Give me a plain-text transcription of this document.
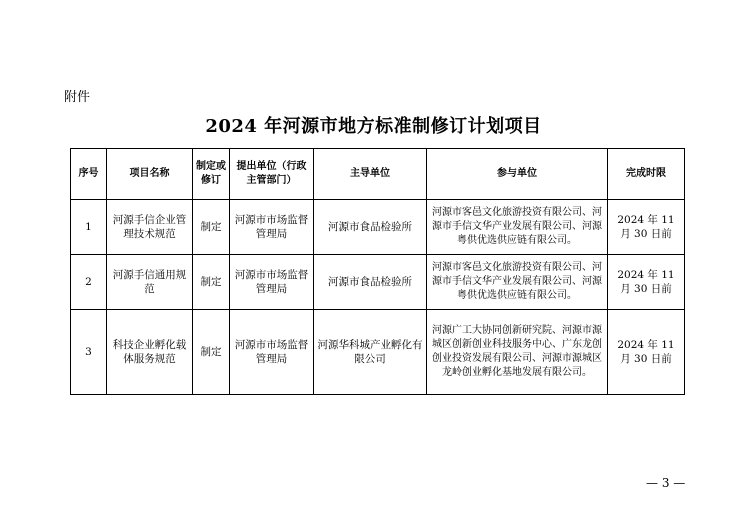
附件
2024 年河源市地方标准制修订计划项目
序号	项目名称	制定或修订	提出单位（行政主管部门）	主导单位	参与单位	完成时限
1	河源手信企业管理技术规范	制定	河源市市场监督管理局	河源市食品检验所	河源市客邑文化旅游投资有限公司、河源市手信文华产业发展有限公司、河源粤供优选供应链有限公司。	2024 年 11 月 30 日前
2	河源手信通用规范	制定	河源市市场监督管理局	河源市食品检验所	河源市客邑文化旅游投资有限公司、河源市手信文华产业发展有限公司、河源粤供优选供应链有限公司。	2024 年 11 月 30 日前
3	科技企业孵化载体服务规范	制定	河源市市场监督管理局	河源华科城产业孵化有限公司	河源广工大协同创新研究院、河源市源城区创新创业科技服务中心、广东龙创创业投资发展有限公司、河源市源城区龙岭创业孵化基地发展有限公司。	2024 年 11 月 30 日前
— 3 —
